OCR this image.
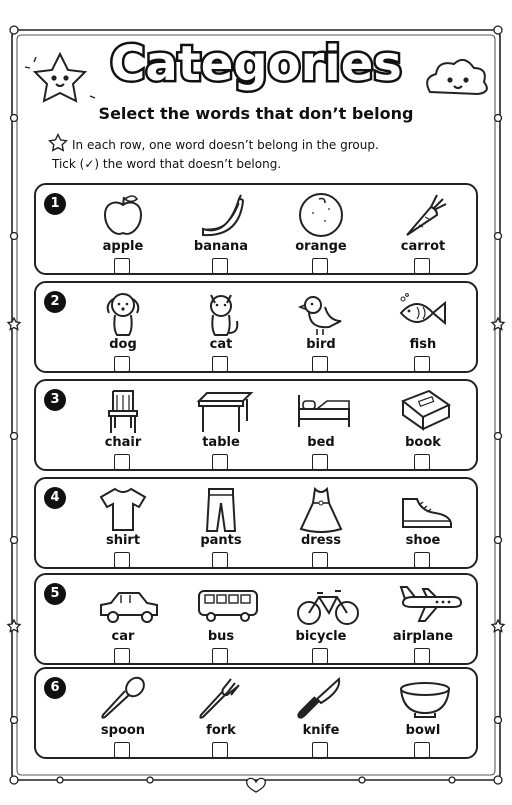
Categories
Select the words that don’t belong
In each row, one word doesn’t belong in the group.
Tick (✓) the word that doesn’t belong.
1
apple	banana	orange	carrot
2
dog	cat	bird	fish
3
chair	table	bed	book
4
shirt	pants	dress	shoe
5
car	bus	bicycle	airplane
6
spoon	fork	knife	bowl
